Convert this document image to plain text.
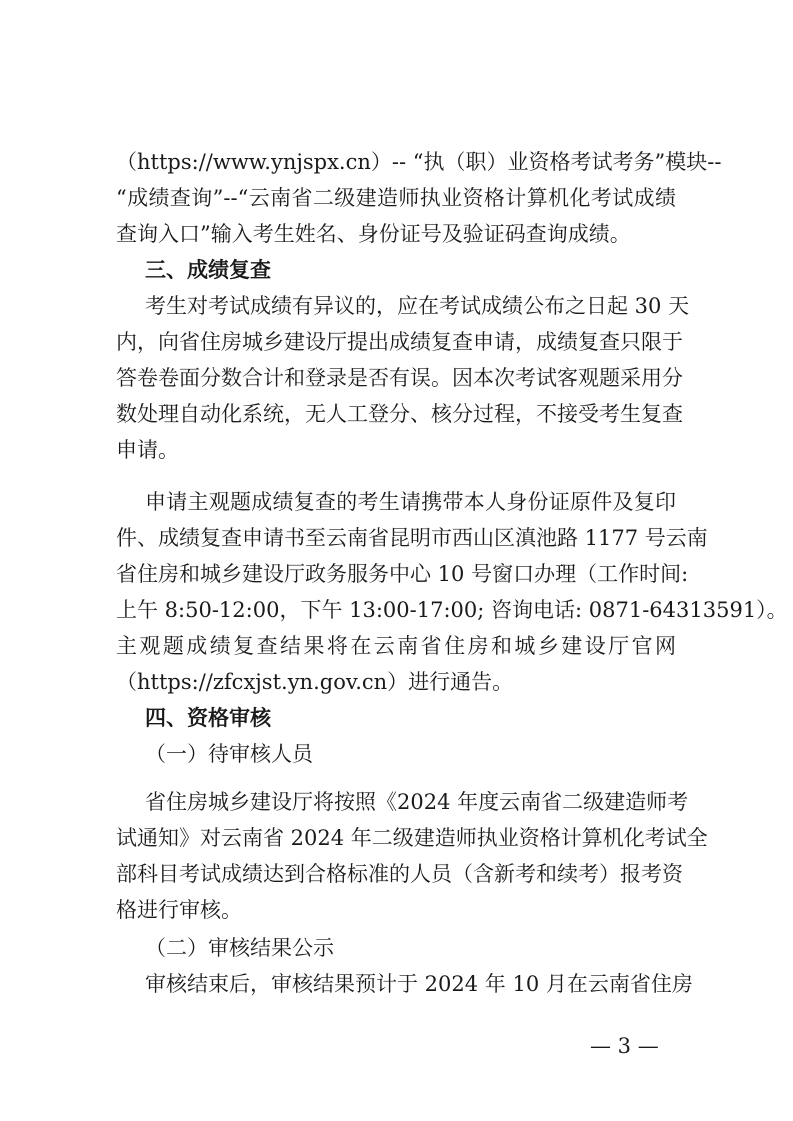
（https://www.ynjspx.cn）-- “执（职）业资格考试考务”模块--
“成绩查询”--“云南省二级建造师执业资格计算机化考试成绩
查询入口”输入考生姓名、身份证号及验证码查询成绩。
三、成绩复查
考生对考试成绩有异议的，应在考试成绩公布之日起 30 天
内，向省住房城乡建设厅提出成绩复查申请，成绩复查只限于
答卷卷面分数合计和登录是否有误。因本次考试客观题采用分
数处理自动化系统，无人工登分、核分过程，不接受考生复查
申请。
申请主观题成绩复查的考生请携带本人身份证原件及复印
件、成绩复查申请书至云南省昆明市西山区滇池路 1177 号云南
省住房和城乡建设厅政务服务中心 10 号窗口办理（工作时间:
上午 8:50-12:00，下午 13:00-17:00; 咨询电话: 0871-64313591）。
主观题成绩复查结果将在云南省住房和城乡建设厅官网
（https://zfcxjst.yn.gov.cn）进行通告。
四、资格审核
（一）待审核人员
省住房城乡建设厅将按照《2024 年度云南省二级建造师考
试通知》对云南省 2024 年二级建造师执业资格计算机化考试全
部科目考试成绩达到合格标准的人员（含新考和续考）报考资
格进行审核。
（二）审核结果公示
审核结束后，审核结果预计于 2024 年 10 月在云南省住房
— 3 —
